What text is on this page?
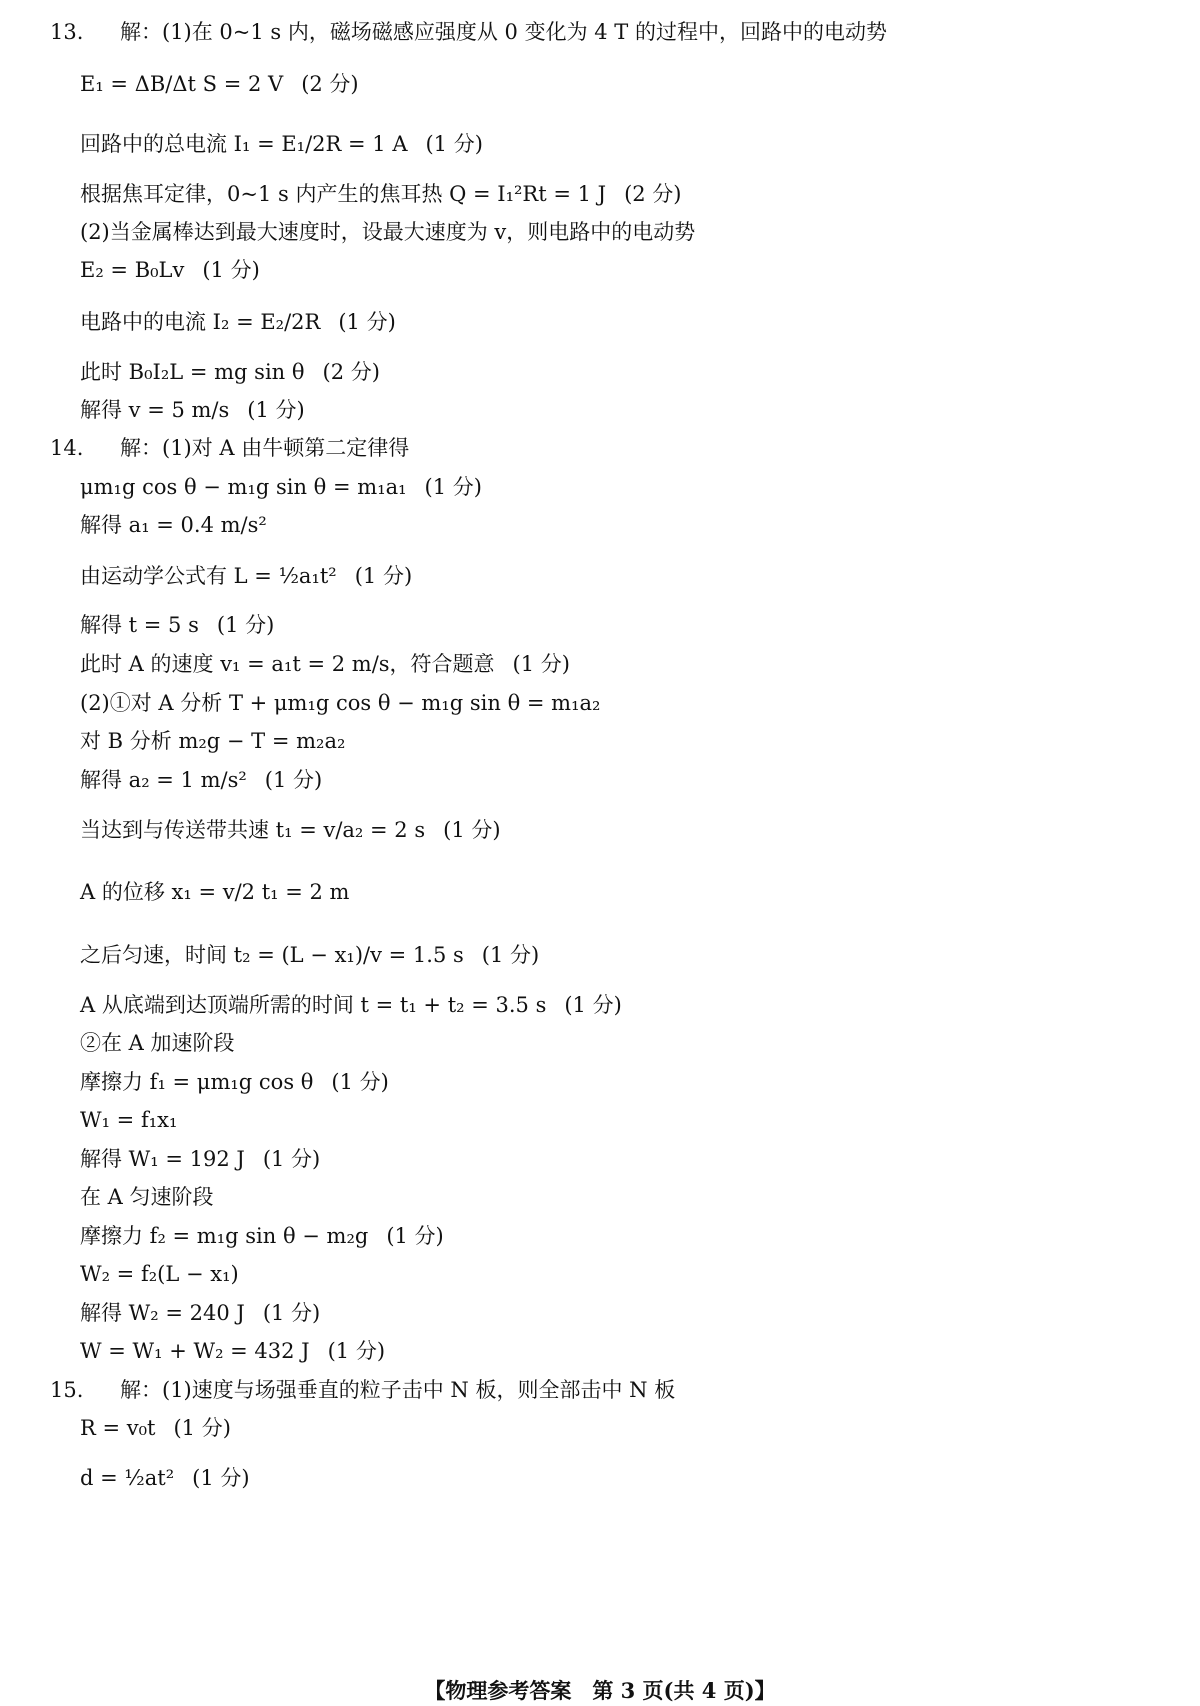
13. 解：(1)在 0~1 s 内，磁场磁感应强度从 0 变化为 4 T 的过程中，回路中的电动势
E₁ = ΔB/Δt S = 2 V (2 分)
回路中的总电流 I₁ = E₁/2R = 1 A (1 分)
根据焦耳定律，0~1 s 内产生的焦耳热 Q = I₁²Rt = 1 J (2 分)
(2)当金属棒达到最大速度时，设最大速度为 v，则电路中的电动势
E₂ = B₀Lv (1 分)
电路中的电流 I₂ = E₂/2R (1 分)
此时 B₀I₂L = mg sin θ (2 分)
解得 v = 5 m/s (1 分)
14. 解：(1)对 A 由牛顿第二定律得
μm₁g cos θ − m₁g sin θ = m₁a₁ (1 分)
解得 a₁ = 0.4 m/s²
由运动学公式有 L = ½a₁t² (1 分)
解得 t = 5 s (1 分)
此时 A 的速度 v₁ = a₁t = 2 m/s，符合题意 (1 分)
(2)①对 A 分析 T + μm₁g cos θ − m₁g sin θ = m₁a₂
对 B 分析 m₂g − T = m₂a₂
解得 a₂ = 1 m/s² (1 分)
当达到与传送带共速 t₁ = v/a₂ = 2 s (1 分)
A 的位移 x₁ = v/2 t₁ = 2 m
之后匀速，时间 t₂ = (L − x₁)/v = 1.5 s (1 分)
A 从底端到达顶端所需的时间 t = t₁ + t₂ = 3.5 s (1 分)
②在 A 加速阶段
摩擦力 f₁ = μm₁g cos θ (1 分)
W₁ = f₁x₁
解得 W₁ = 192 J (1 分)
在 A 匀速阶段
摩擦力 f₂ = m₁g sin θ − m₂g (1 分)
W₂ = f₂(L − x₁)
解得 W₂ = 240 J (1 分)
W = W₁ + W₂ = 432 J (1 分)
15. 解：(1)速度与场强垂直的粒子击中 N 板，则全部击中 N 板
R = v₀t (1 分)
d = ½at² (1 分)
【物理参考答案　第 3 页(共 4 页)】
